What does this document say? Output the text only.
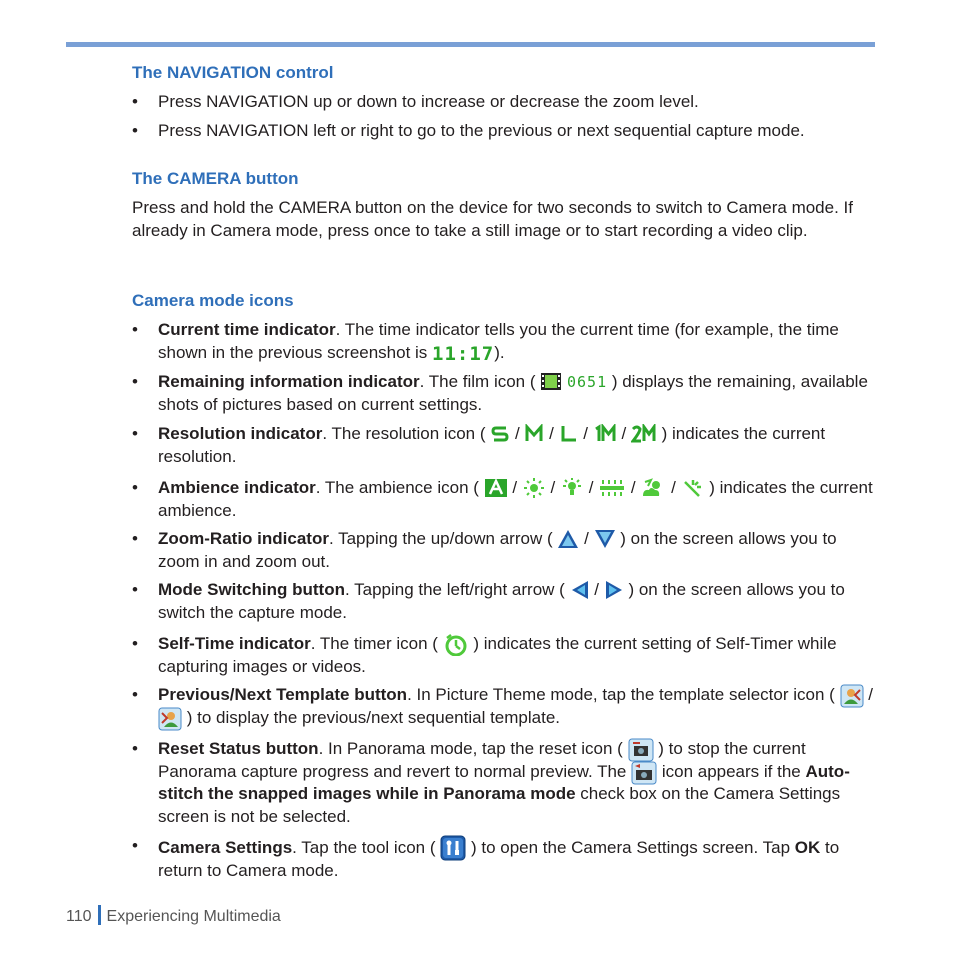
The NAVIGATION control
•	Press NAVIGATION up or down to increase or decrease the zoom level.
•	Press NAVIGATION left or right to go to the previous or next sequential capture mode.
The CAMERA button

Press and hold the CAMERA button on the device for two seconds to switch to Camera mode. If already in Camera mode, press once to take a still image or to start recording a video clip.

Camera mode icons
•	Current time indicator. The time indicator tells you the current time (for example, the time shown in the previous screenshot is 11:17).
•	Remaining information indicator. The film icon (
0651 ) displays the remaining, available shots of pictures based on current settings.
•	Resolution indicator. The resolution icon (
/
/
/
/
) indicates the current resolution.
•	Ambience indicator. The ambience icon (
/
/
/
/
/
) indicates the current ambience.
•	Zoom-Ratio indicator. Tapping the up/down arrow (
/
) on the screen allows you to zoom in and zoom out.
•	Mode Switching button. Tapping the left/right arrow (
/
) on the screen allows you to switch the capture mode.
•	Self-Time indicator. The timer icon (
) indicates the current setting of Self-Timer while capturing images or videos.
•	Previous/Next Template button. In Picture Theme mode, tap the template selector icon (
/
) to display the previous/next sequential template.
•	Reset Status button. In Panorama mode, tap the reset icon (
) to stop the current Panorama capture progress and revert to normal preview. The
icon appears if the Auto-stitch the snapped images while in Panorama mode check box on the Camera Settings screen is not be selected.
•	Camera Settings. Tap the tool icon (
) to open the Camera Settings screen. Tap OK to return to Camera mode.
110 Experiencing Multimedia
